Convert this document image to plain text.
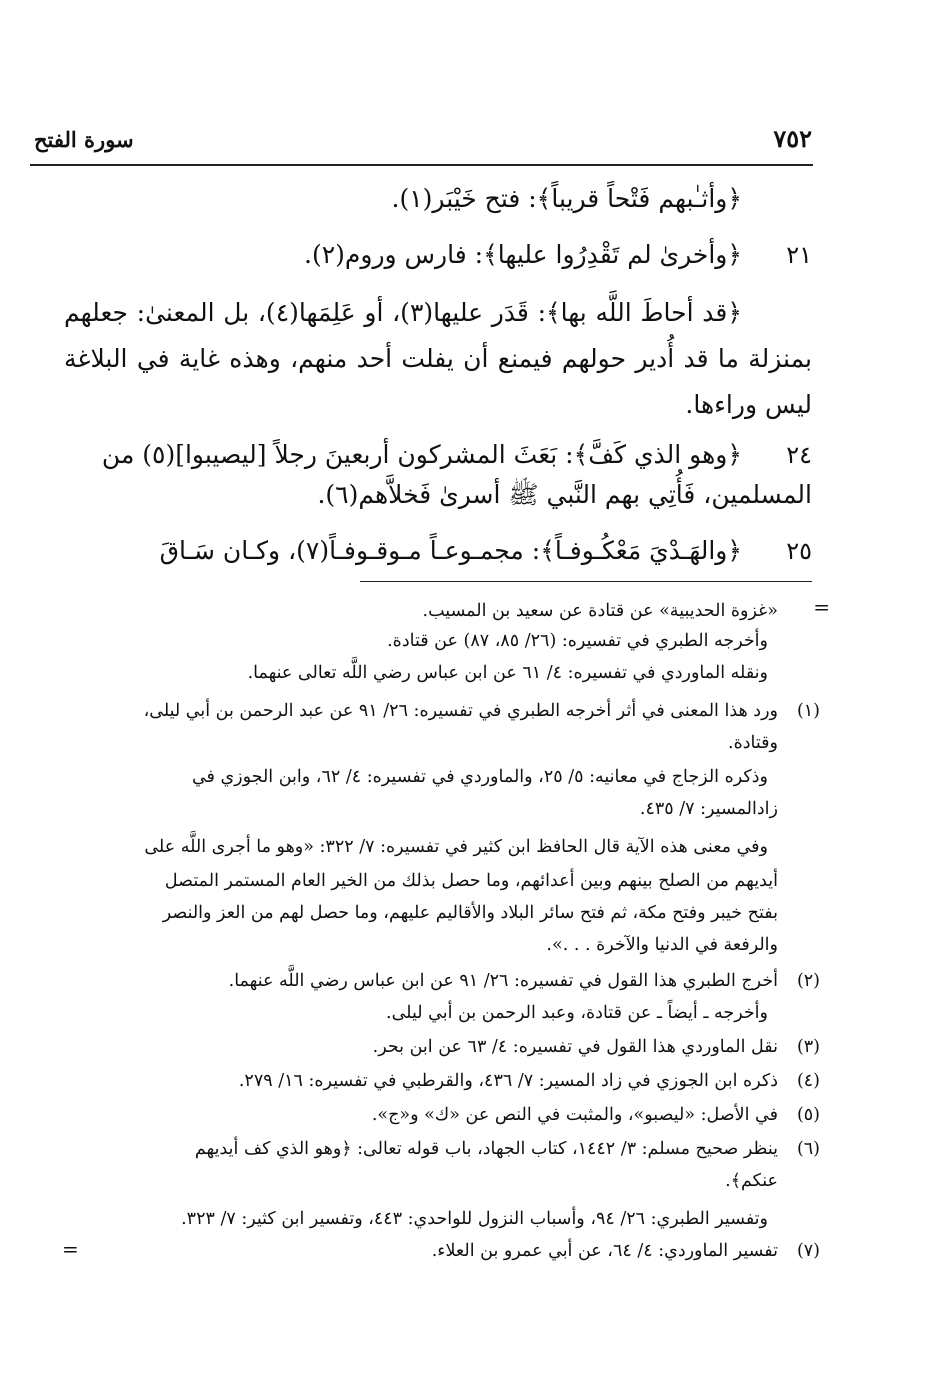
سورة الفتح	٧٥٢
﴿وأثـٰبهم فَتْحاً قريباً﴾: فتح خَيْبَر(١).
٢١
﴿وأخرىٰ لم تَقْدِرُوا عليها﴾: فارس وروم(٢).
﴿قد أحاطَ اللَّه بها﴾: قَدَر عليها(٣)، أو عَلِمَها(٤)، بل المعنىٰ: جعلهم بمنزلة ما قد أُدير حولهم فيمنع أن يفلت أحد منهم، وهذه غاية في البلاغة ليس وراءها.
٢٤
﴿وهو الذي كَفَّ﴾: بَعَثَ المشركون أربعينَ رجلاً [ليصيبوا](٥) من
المسلمين، فَأُتِي بهم النَّبي ﷺ أسرىٰ فَخلاَّهم(٦).
٢٥
﴿والهَـدْيَ مَعْكُـوفـاً﴾: مجمـوعـاً مـوقـوفـاً(٧)، وكـان سَـاقَ
=
«غزوة الحديبية» عن قتادة عن سعيد بن المسيب.
وأخرجه الطبري في تفسيره: (٢٦/ ٨٥، ٨٧) عن قتادة.
ونقله الماوردي في تفسيره: ٤/ ٦١ عن ابن عباس رضي اللَّه تعالى عنهما.
(١)
ورد هذا المعنى في أثر أخرجه الطبري في تفسيره: ٢٦/ ٩١ عن عبد الرحمن بن أبي ليلى،
وقتادة.
وذكره الزجاج في معانيه: ٥/ ٢٥، والماوردي في تفسيره: ٤/ ٦٢، وابن الجوزي في
زادالمسير: ٧/ ٤٣٥.
وفي معنى هذه الآية قال الحافظ ابن كثير في تفسيره: ٧/ ٣٢٢: «وهو ما أجرى اللَّه على
أيديهم من الصلح بينهم وبين أعدائهم، وما حصل بذلك من الخير العام المستمر المتصل
بفتح خيبر وفتح مكة، ثم فتح سائر البلاد والأقاليم عليهم، وما حصل لهم من العز والنصر
والرفعة في الدنيا والآخرة . . .».
(٢)
أخرج الطبري هذا القول في تفسيره: ٢٦/ ٩١ عن ابن عباس رضي اللَّه عنهما.
وأخرجه ـ أيضاً ـ عن قتادة، وعبد الرحمن بن أبي ليلى.
(٣)
نقل الماوردي هذا القول في تفسيره: ٤/ ٦٣ عن ابن بحر.
(٤)
ذكره ابن الجوزي في زاد المسير: ٧/ ٤٣٦، والقرطبي في تفسيره: ١٦/ ٢٧٩.
(٥)
في الأصل: «ليصبو»، والمثبت في النص عن «ك» و«ج».
(٦)
ينظر صحيح مسلم: ٣/ ١٤٤٢، كتاب الجهاد، باب قوله تعالى: ﴿وهو الذي كف أيديهم
عنكم﴾.
وتفسير الطبري: ٢٦/ ٩٤، وأسباب النزول للواحدي: ٤٤٣، وتفسير ابن كثير: ٧/ ٣٢٣.
(٧)
تفسير الماوردي: ٤/ ٦٤، عن أبي عمرو بن العلاء.
=
